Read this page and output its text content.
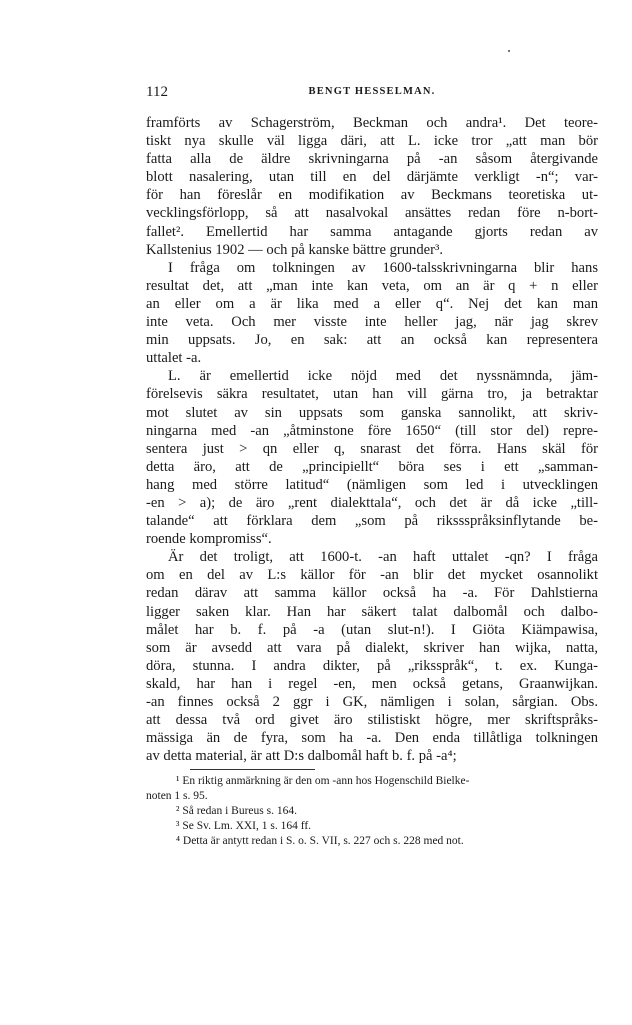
112	BENGT HESSELMAN.

framförts av Schagerström, Beckman och andra¹. Det teore-

tiskt nya skulle väl ligga däri, att L. icke tror „att man bör

fatta alla de äldre skrivningarna på -an såsom återgivande

blott nasalering, utan till en del därjämte verkligt -n“; var-

för han föreslår en modifikation av Beckmans teoretiska ut-

vecklingsförlopp, så att nasalvokal ansättes redan före n-bort-

fallet². Emellertid har samma antagande gjorts redan av

Kallstenius 1902 — och på kanske bättre grunder³.

I fråga om tolkningen av 1600-talsskrivningarna blir hans

resultat det, att „man inte kan veta, om an är q + n eller

an eller om a är lika med a eller q“. Nej det kan man

inte veta. Och mer visste inte heller jag, när jag skrev

min uppsats. Jo, en sak: att an också kan representera

uttalet -a.

L. är emellertid icke nöjd med det nyssnämnda, jäm-

förelsevis säkra resultatet, utan han vill gärna tro, ja betraktar

mot slutet av sin uppsats som ganska sannolikt, att skriv-

ningarna med -an „åtminstone före 1650“ (till stor del) repre-

sentera just > qn eller q, snarast det förra. Hans skäl för

detta äro, att de „principiellt“ böra ses i ett „samman-

hang med större latitud“ (nämligen som led i utvecklingen

-en > a); de äro „rent dialekttala“, och det är då icke „till-

talande“ att förklara dem „som på rikssspråksinflytande be-

roende kompromiss“.

Är det troligt, att 1600-t. -an haft uttalet -qn? I fråga

om en del av L:s källor för -an blir det mycket osannolikt

redan därav att samma källor också ha -a. För Dahlstierna

ligger saken klar. Han har säkert talat dalbomål och dalbo-

målet har b. f. på -a (utan slut-n!). I Giöta Kiämpawisa,

som är avsedd att vara på dialekt, skriver han wijka, natta,

döra, stunna. I andra dikter, på „riksspråk“, t. ex. Kunga-

skald, har han i regel -en, men också getans, Graanwijkan.

-an finnes också 2 ggr i GK, nämligen i solan, sårgian. Obs.

att dessa två ord givet äro stilistiskt högre, mer skriftspråks-

mässiga än de fyra, som ha -a. Den enda tillåtliga tolkningen

av detta material, är att D:s dalbomål haft b. f. på -a⁴;

¹ En riktig anmärkning är den om -ann hos Hogenschild Bielke-

noten 1 s. 95.

² Så redan i Bureus s. 164.

³ Se Sv. Lm. XXI, 1 s. 164 ff.

⁴ Detta är antytt redan i S. o. S. VII, s. 227 och s. 228 med not.
